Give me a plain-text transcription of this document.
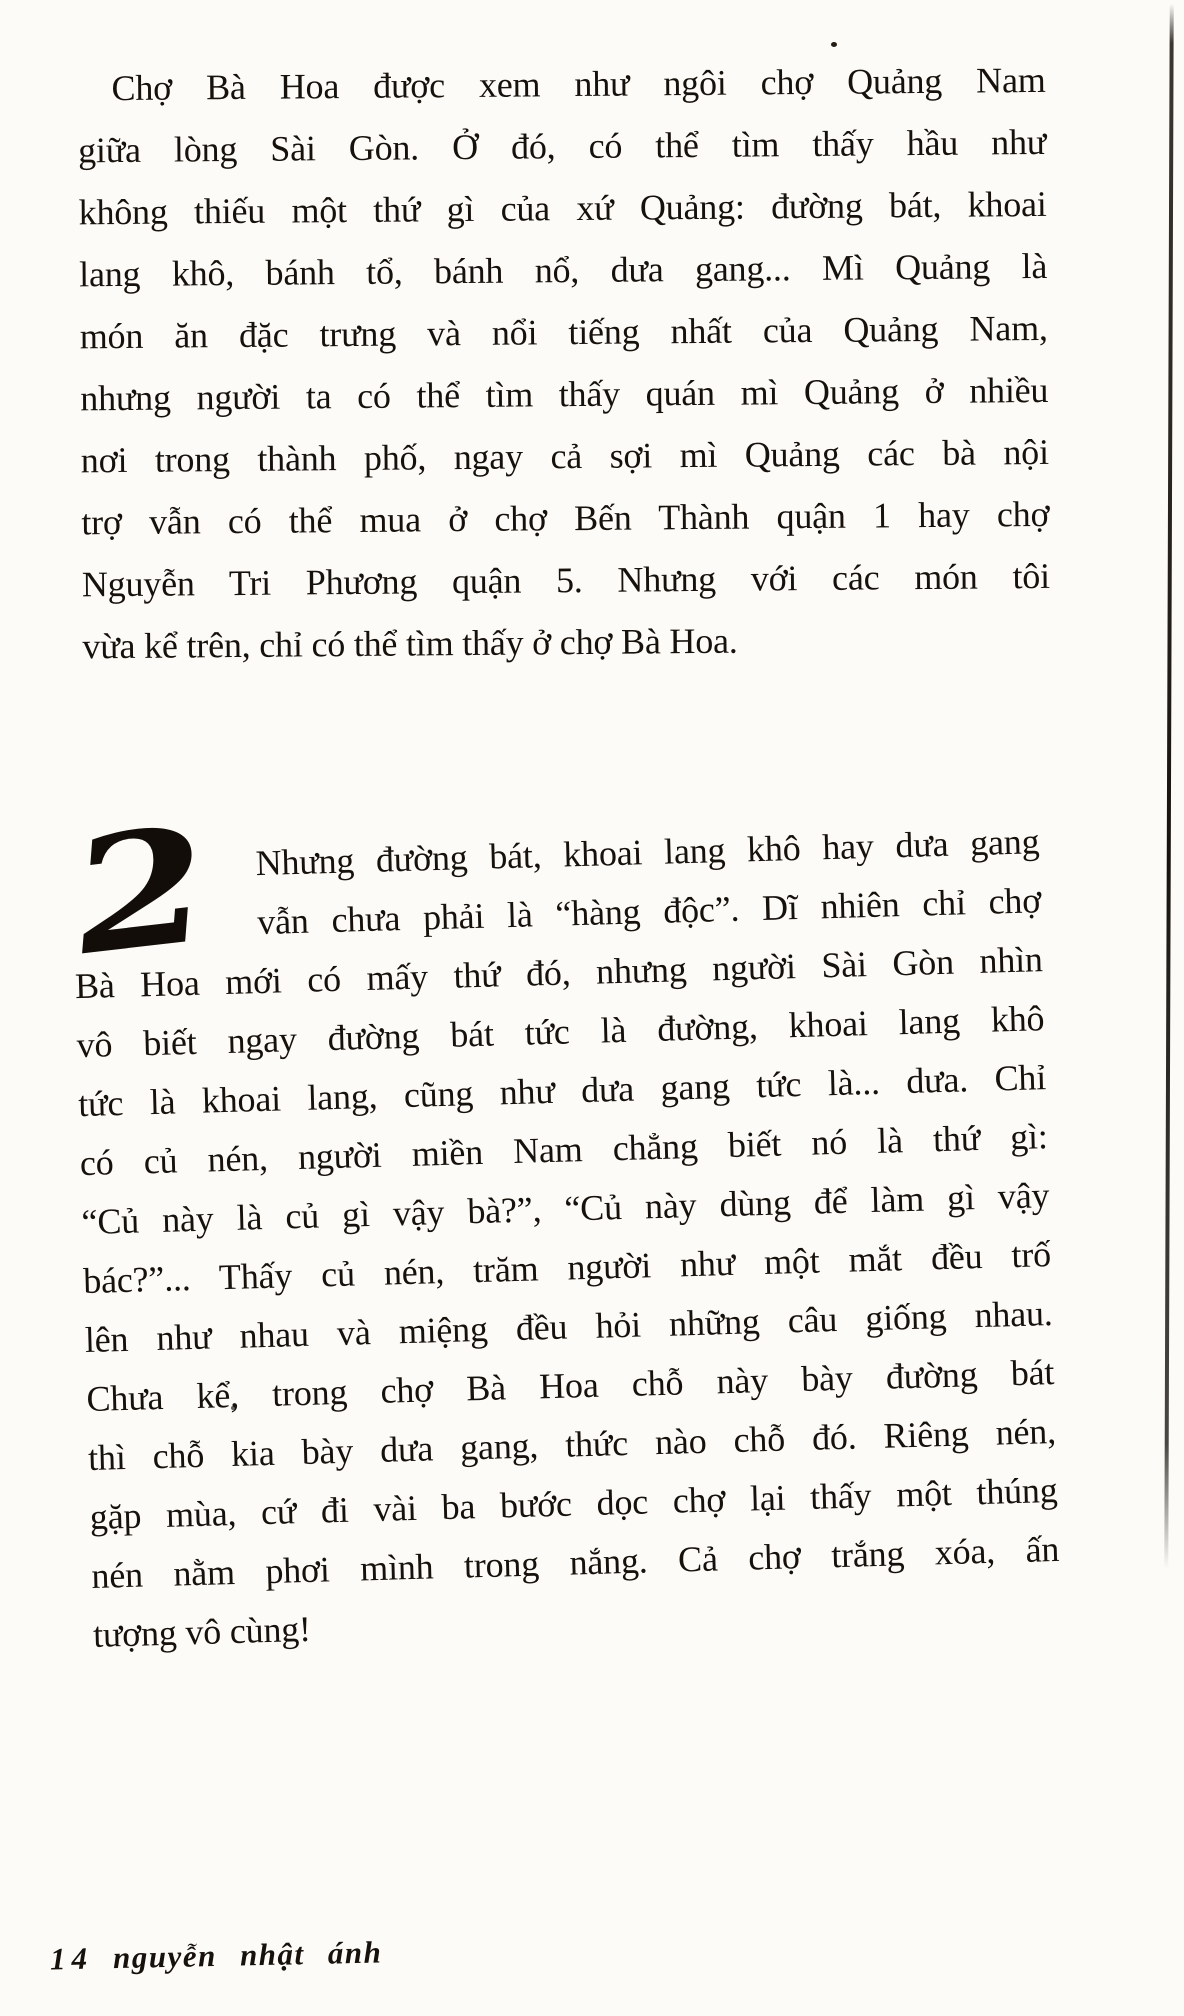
Chợ Bà Hoa được xem như ngôi chợ Quảng Nam
giữa lòng Sài Gòn. Ở đó, có thể tìm thấy hầu như
không thiếu một thứ gì của xứ Quảng: đường bát, khoai
lang khô, bánh tổ, bánh nổ, dưa gang... Mì Quảng là
món ăn đặc trưng và nổi tiếng nhất của Quảng Nam,
nhưng người ta có thể tìm thấy quán mì Quảng ở nhiều
nơi trong thành phố, ngay cả sợi mì Quảng các bà nội
trợ vẫn có thể mua ở chợ Bến Thành quận 1 hay chợ
Nguyễn Tri Phương quận 5. Nhưng với các món tôi
vừa kể trên, chỉ có thể tìm thấy ở chợ Bà Hoa.
2 Nhưng đường bát, khoai lang khô hay dưa gang
vẫn chưa phải là “hàng độc”. Dĩ nhiên chỉ chợ
Bà Hoa mới có mấy thứ đó, nhưng người Sài Gòn nhìn
vô biết ngay đường bát tức là đường, khoai lang khô
tức là khoai lang, cũng như dưa gang tức là... dưa. Chỉ
có củ nén, người miền Nam chẳng biết nó là thứ gì:
“Củ này là củ gì vậy bà?”, “Củ này dùng để làm gì vậy
bác?”... Thấy củ nén, trăm người như một mắt đều trố
lên như nhau và miệng đều hỏi những câu giống nhau.
Chưa kể, trong chợ Bà Hoa chỗ này bày đường bát
thì chỗ kia bày dưa gang, thức nào chỗ đó. Riêng nén,
gặp mùa, cứ đi vài ba bước dọc chợ lại thấy một thúng
nén nằm phơi mình trong nắng. Cả chợ trắng xóa, ấn
tượng vô cùng!
14 nguyễn nhật ánh
